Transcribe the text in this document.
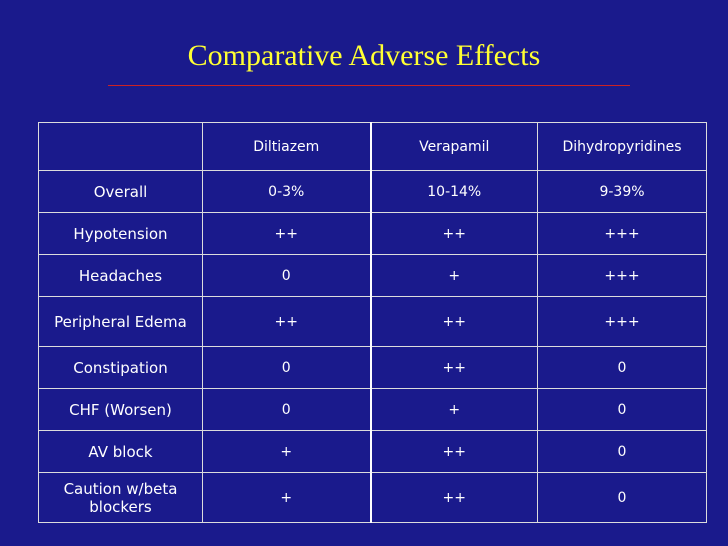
Comparative Adverse Effects
	Diltiazem	Verapamil	Dihydropyridines
Overall	0-3%	10-14%	9-39%
Hypotension	++	++	+++
Headaches	0	+	+++
Peripheral Edema	++	++	+++
Constipation	0	++	0
CHF (Worsen)	0	+	0
AV block	+	++	0
Caution w/beta blockers	+	++	0
